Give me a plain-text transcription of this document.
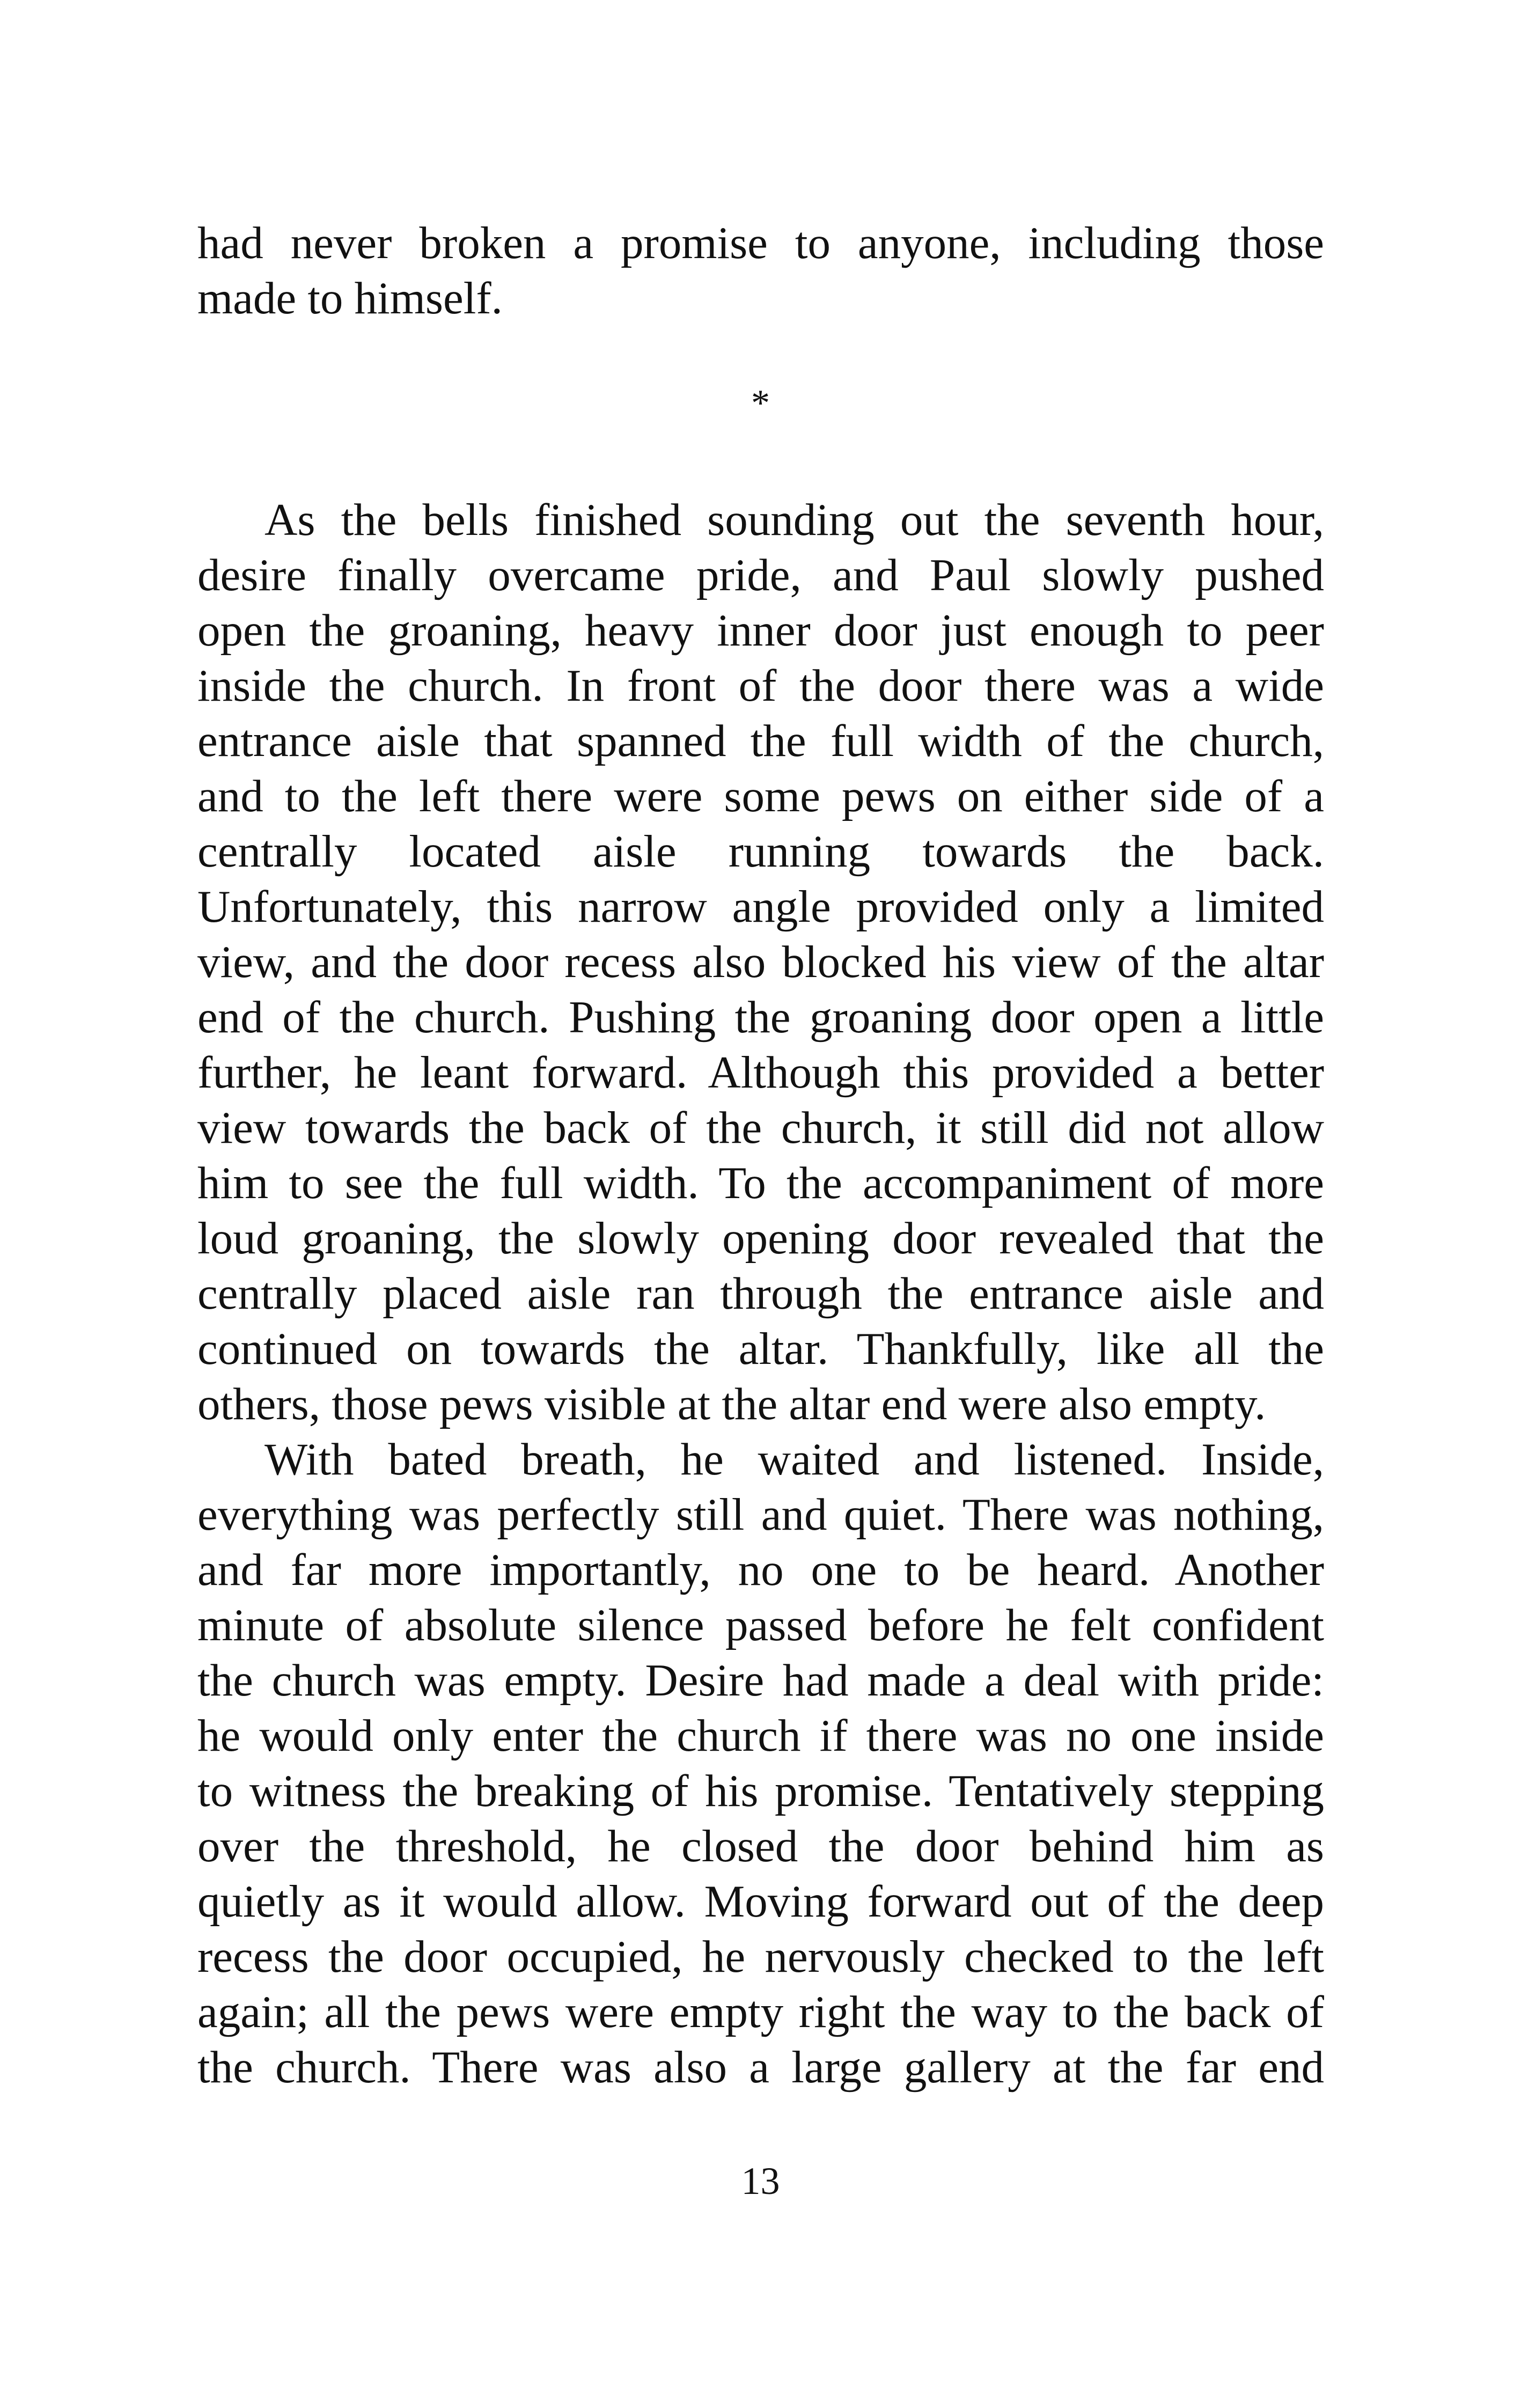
had never broken a promise to anyone, including those
made to himself.
*
As the bells finished sounding out the seventh hour,
desire finally overcame pride, and Paul slowly pushed
open the groaning, heavy inner door just enough to peer
inside the church. In front of the door there was a wide
entrance aisle that spanned the full width of the church,
and to the left there were some pews on either side of a
centrally located aisle running towards the back.
Unfortunately, this narrow angle provided only a limited
view, and the door recess also blocked his view of the altar
end of the church. Pushing the groaning door open a little
further, he leant forward. Although this provided a better
view towards the back of the church, it still did not allow
him to see the full width. To the accompaniment of more
loud groaning, the slowly opening door revealed that the
centrally placed aisle ran through the entrance aisle and
continued on towards the altar. Thankfully, like all the
others, those pews visible at the altar end were also empty.
With bated breath, he waited and listened. Inside,
everything was perfectly still and quiet. There was nothing,
and far more importantly, no one to be heard. Another
minute of absolute silence passed before he felt confident
the church was empty. Desire had made a deal with pride:
he would only enter the church if there was no one inside
to witness the breaking of his promise. Tentatively stepping
over the threshold, he closed the door behind him as
quietly as it would allow. Moving forward out of the deep
recess the door occupied, he nervously checked to the left
again; all the pews were empty right the way to the back of
the church. There was also a large gallery at the far end
13
